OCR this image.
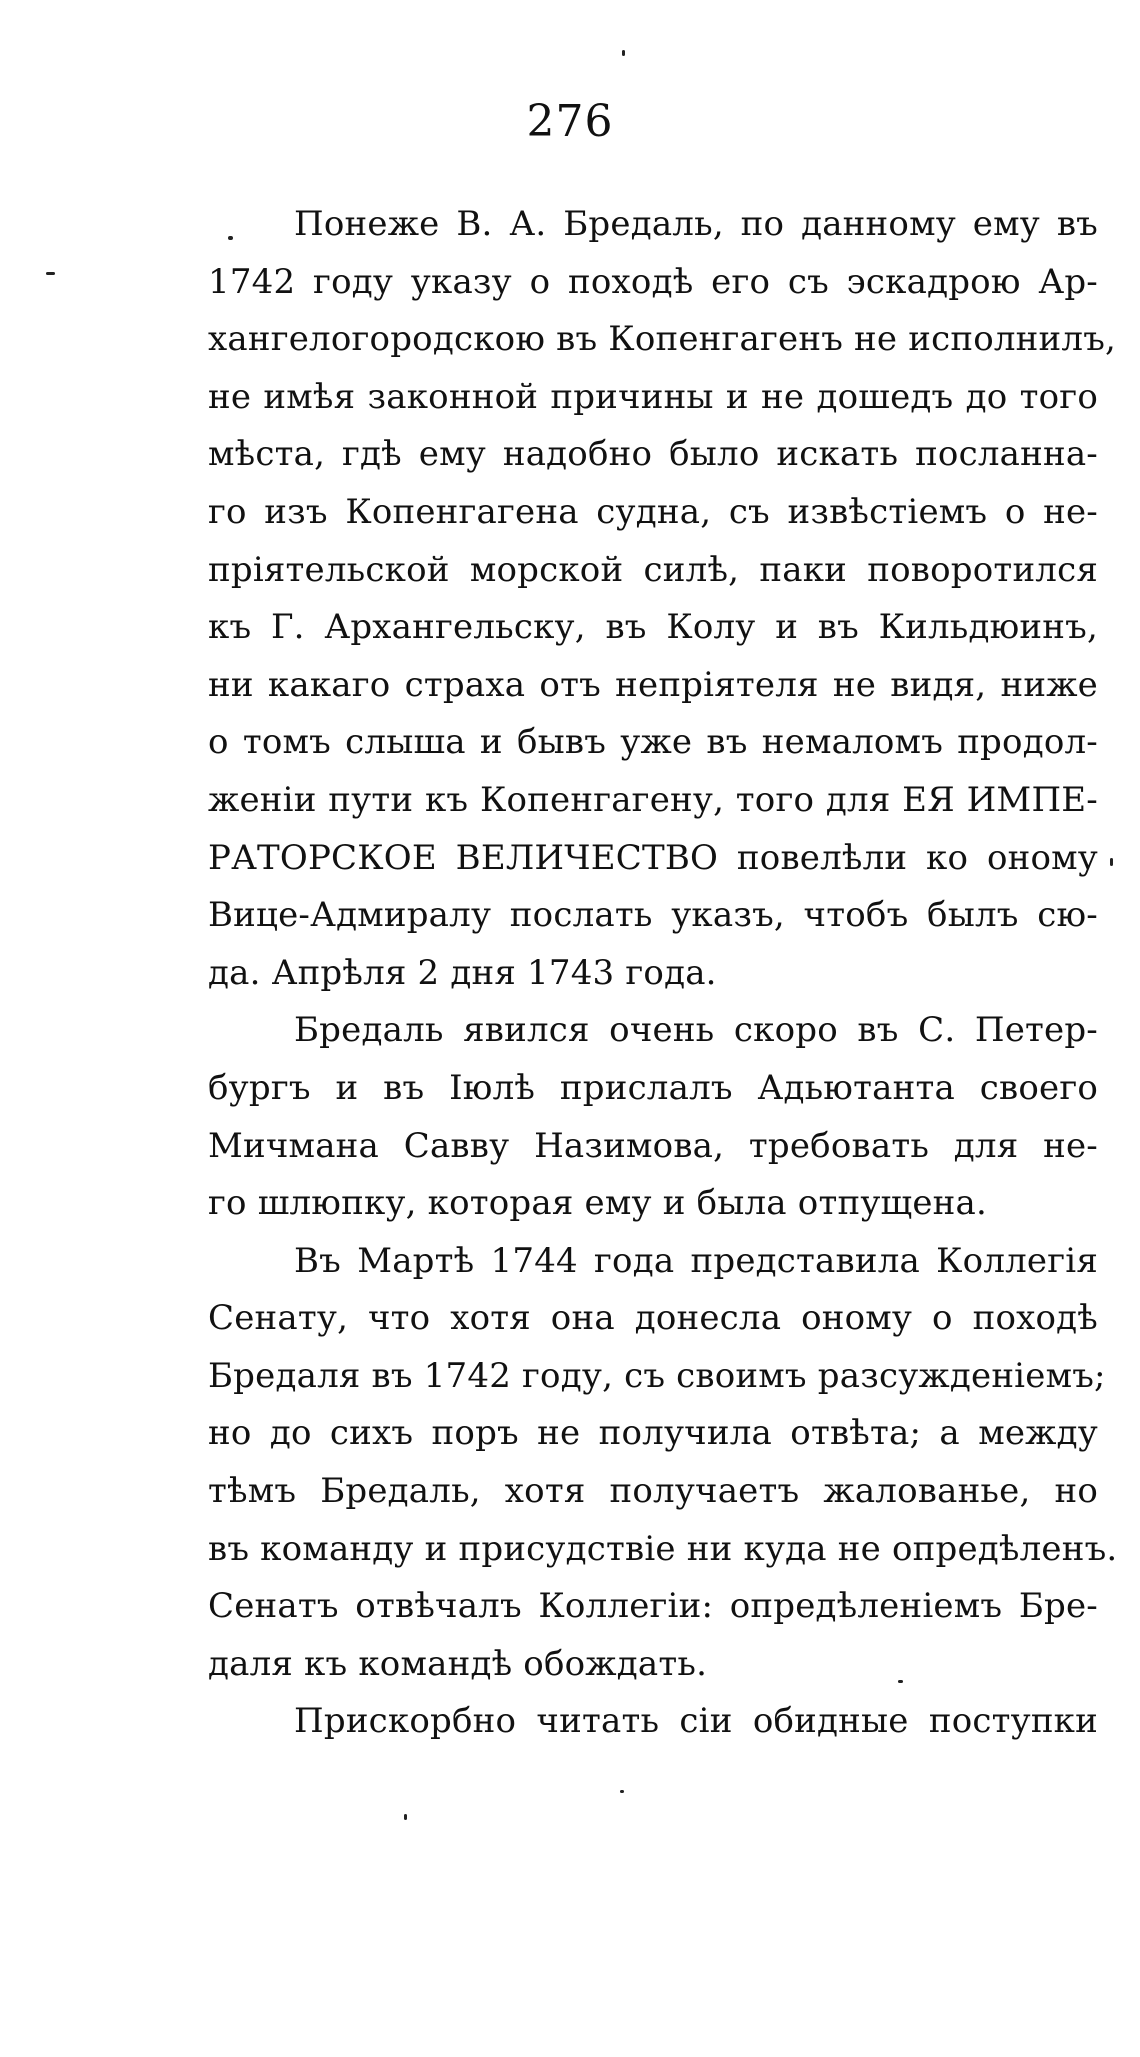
276
Понеже В. А. Бредаль, по данному ему въ
1742 году указу о походѣ его съ эскадрою Ар-
хангелогородскою въ Копенгагенъ не исполнилъ,
не имѣя законной причины и не дошедъ до того
мѣста, гдѣ ему надобно было искать посланна-
го изъ Копенгагена судна, съ извѣстіемъ о не-
пріятельской морской силѣ, паки поворотился
къ Г. Архангельску, въ Колу и въ Кильдюинъ,
ни какаго страха отъ непріятеля не видя, ниже
о томъ слыша и бывъ уже въ немаломъ продол-
женіи пути къ Копенгагену, того для ЕЯ ИМПЕ-
РАТОРСКОЕ ВЕЛИЧЕСТВО повелѣли ко оному
Вице-Адмиралу послать указъ, чтобъ былъ сю-
да. Апрѣля 2 дня 1743 года.
Бредаль явился очень скоро въ С. Петер-
бургъ и въ Іюлѣ прислалъ Адьютанта своего
Мичмана Савву Назимова, требовать для не-
го шлюпку, которая ему и была отпущена.
Въ Мартѣ 1744 года представила Коллегія
Сенату, что хотя она донесла оному о походѣ
Бредаля въ 1742 году, съ своимъ разсужденіемъ;
но до сихъ поръ не получила отвѣта; а между
тѣмъ Бредаль, хотя получаетъ жалованье, но
въ команду и присудствіе ни куда не опредѣленъ.
Сенатъ отвѣчалъ Коллегіи: опредѣленіемъ Бре-
даля къ командѣ обождать.
Прискорбно читать сіи обидные поступки
